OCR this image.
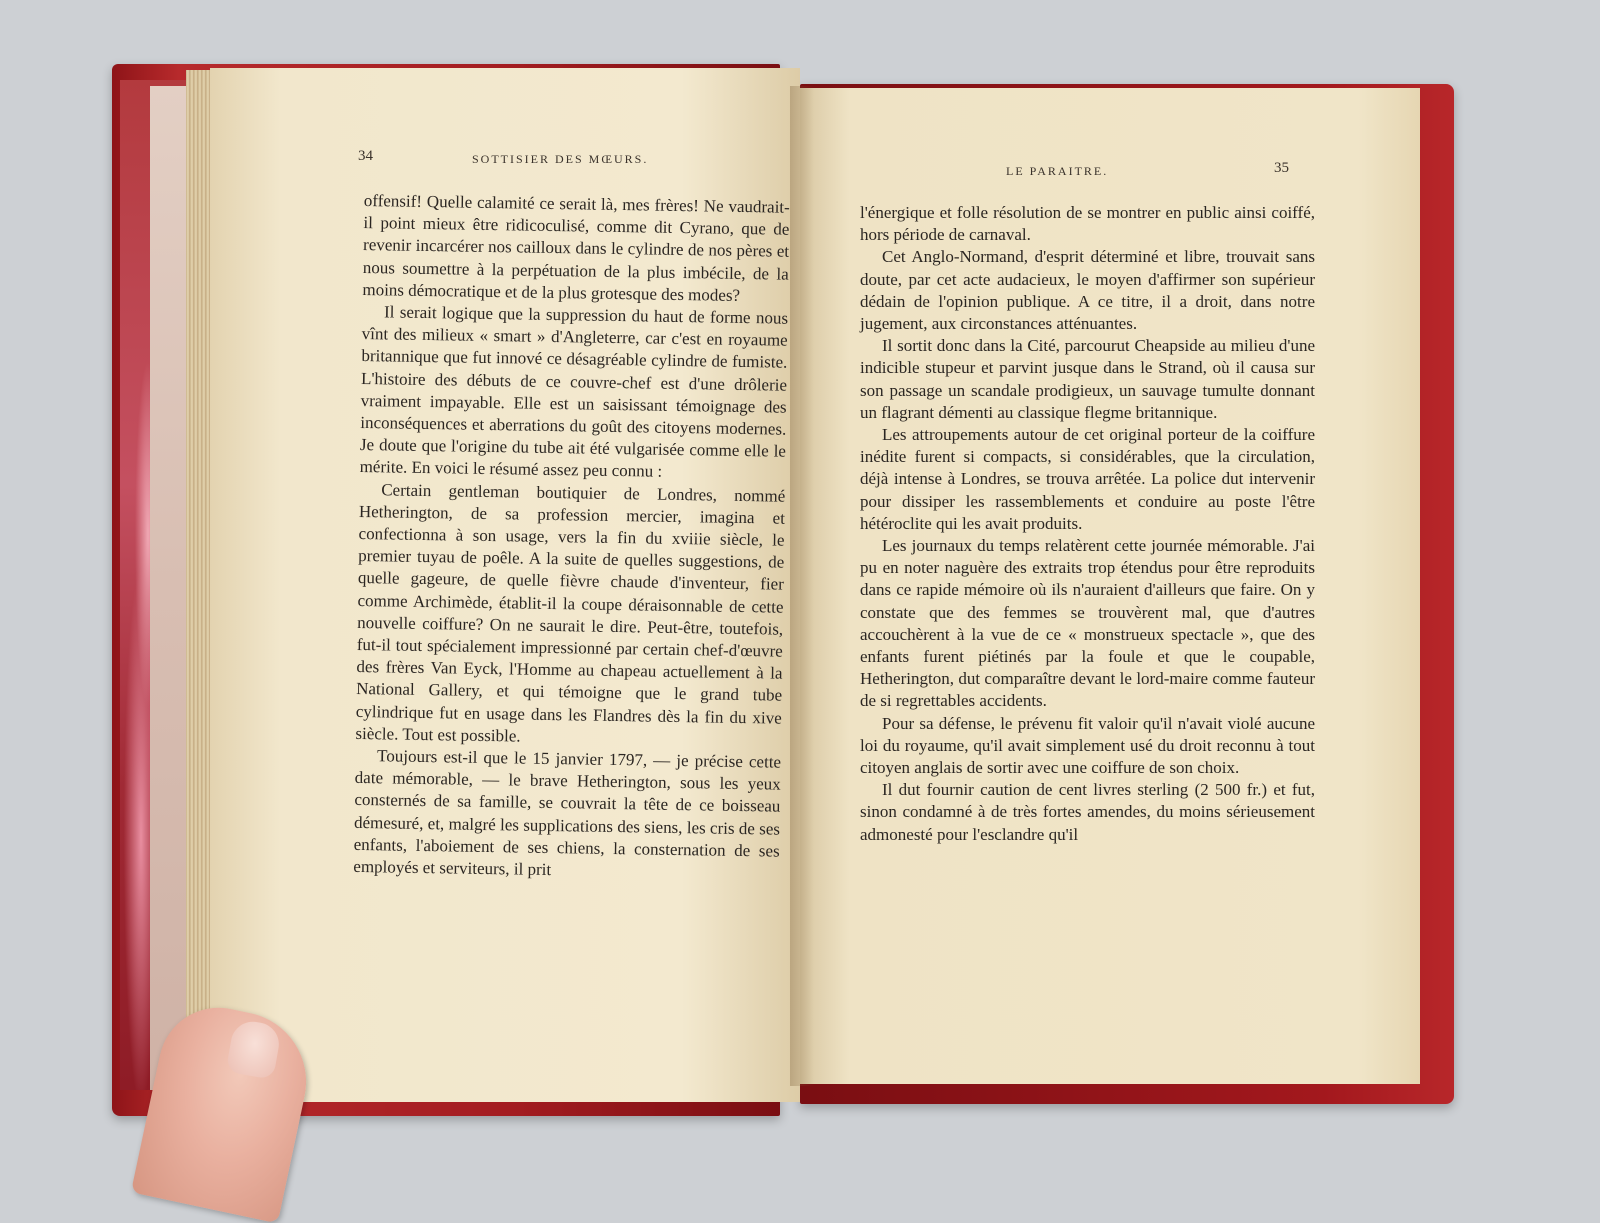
34	SOTTISIER DES MŒURS.
LE PARAITRE.	35

offensif! Quelle calamité ce serait là, mes frères! Ne vaudrait-il point mieux être ridicoculisé, comme dit Cyrano, que de revenir incarcérer nos cailloux dans le cylindre de nos pères et nous soumettre à la perpétuation de la plus imbécile, de la moins démocratique et de la plus grotesque des modes?

Il serait logique que la suppression du haut de forme nous vînt des milieux « smart » d'Angleterre, car c'est en royaume britannique que fut innové ce désagréable cylindre de fumiste. L'histoire des débuts de ce couvre-chef est d'une drôlerie vraiment impayable. Elle est un saisissant témoignage des inconséquences et aberrations du goût des citoyens modernes. Je doute que l'origine du tube ait été vulgarisée comme elle le mérite. En voici le résumé assez peu connu :

Certain gentleman boutiquier de Londres, nommé Hetherington, de sa profession mercier, imagina et confectionna à son usage, vers la fin du xviiie siècle, le premier tuyau de poêle. A la suite de quelles suggestions, de quelle gageure, de quelle fièvre chaude d'inventeur, fier comme Archimède, établit-il la coupe déraisonnable de cette nouvelle coiffure? On ne saurait le dire. Peut-être, toutefois, fut-il tout spécialement impressionné par certain chef-d'œuvre des frères Van Eyck, l'Homme au chapeau actuellement à la National Gallery, et qui témoigne que le grand tube cylindrique fut en usage dans les Flandres dès la fin du xive siècle. Tout est possible.

Toujours est-il que le 15 janvier 1797, — je précise cette date mémorable, — le brave Hetherington, sous les yeux consternés de sa famille, se couvrait la tête de ce boisseau démesuré, et, malgré les supplications des siens, les cris de ses enfants, l'aboiement de ses chiens, la consternation de ses employés et serviteurs, il prit

l'énergique et folle résolution de se montrer en public ainsi coiffé, hors période de carnaval.

Cet Anglo-Normand, d'esprit déterminé et libre, trouvait sans doute, par cet acte audacieux, le moyen d'affirmer son supérieur dédain de l'opinion publique. A ce titre, il a droit, dans notre jugement, aux circonstances atténuantes.

Il sortit donc dans la Cité, parcourut Cheapside au milieu d'une indicible stupeur et parvint jusque dans le Strand, où il causa sur son passage un scandale prodigieux, un sauvage tumulte donnant un flagrant démenti au classique flegme britannique.

Les attroupements autour de cet original porteur de la coiffure inédite furent si compacts, si considérables, que la circulation, déjà intense à Londres, se trouva arrêtée. La police dut intervenir pour dissiper les rassemblements et conduire au poste l'être hétéroclite qui les avait produits.

Les journaux du temps relatèrent cette journée mémorable. J'ai pu en noter naguère des extraits trop étendus pour être reproduits dans ce rapide mémoire où ils n'auraient d'ailleurs que faire. On y constate que des femmes se trouvèrent mal, que d'autres accouchèrent à la vue de ce « monstrueux spectacle », que des enfants furent piétinés par la foule et que le coupable, Hetherington, dut comparaître devant le lord-maire comme fauteur de si regrettables accidents.

Pour sa défense, le prévenu fit valoir qu'il n'avait violé aucune loi du royaume, qu'il avait simplement usé du droit reconnu à tout citoyen anglais de sortir avec une coiffure de son choix.

Il dut fournir caution de cent livres sterling (2 500 fr.) et fut, sinon condamné à de très fortes amendes, du moins sérieusement admonesté pour l'esclandre qu'il
